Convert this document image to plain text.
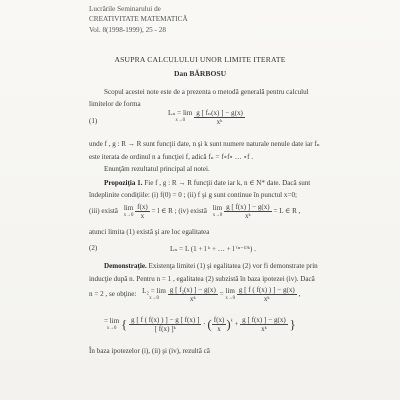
Lucrările Seminarului de
CREATIVITATE MATEMATICĂ
Vol. 8(1998-1999), 25 - 28
ASUPRA CALCULULUI UNOR LIMITE ITERATE
Dan BĂRBOSU
Scopul acestei note este de a prezenta o metodă generală pentru calculul
limitelor de forma
(1)
Lₙ = lim
x→0
	$\frac{\text{g [ fₙ(x) ] − g(x)}}{\text{xᵏ}}$
unde f , g : R → R sunt funcţii date, n şi k sunt numere naturale nenule date iar fₙ
este iterata de ordinul n a funcţiei f, adică fₙ = f∘f∘ … ∘f .
Enunţăm rezultatul principal al notei.
Propoziţia 1. Fie f , g : R → R funcţii date iar k, n ∈ N* date. Dacă sunt
îndeplinite condiţiile: (i) f(0) = 0 ; (ii) f şi g sunt continue în punctul x=0;
(iii) există lim
x→0
$\frac{f(x)}{x} = l$ ∈ R ; (iv) există lim
x→0
$\frac{g [ f(x) ] - g(x)}{\text{xᵏ}} = L$ ∈ R ,
atunci limita (1) există şi are loc egalitatea
(2)	Lₙ = L (1 + l ᵏ + … + l ⁽ⁿ⁻¹⁾ᵏ) .
Demonstraţie. Existenţa limitei (1) şi egalitatea (2) vor fi demonstrate prin
inducţie după n. Pentru n = 1 , egalitatea (2) subzistă în baza ipotezei (iv). Dacă
n = 2 , se obţine: L₂ = lim
x→0
	$\frac{\text{g [ f₂(x) ] − g(x)}}{\text{xᵏ}} = \lim$
x→0
$\frac{g [ f ( f(x) ) ] - g(x)}{\text{xᵏ}}$ ,
= lim
x→0 { $\frac{g [ f ( f(x) ) ] - g [ f(x) ]}{\text{[ f(x) ]ᵏ}}$ · ( $\frac{f(x)}{x} )^ᵏ + \frac{g [ f(x) ] - g(x)}{\text{xᵏ}}$ }
În baza ipotezelor (i), (ii) şi (iv), rezultă că
